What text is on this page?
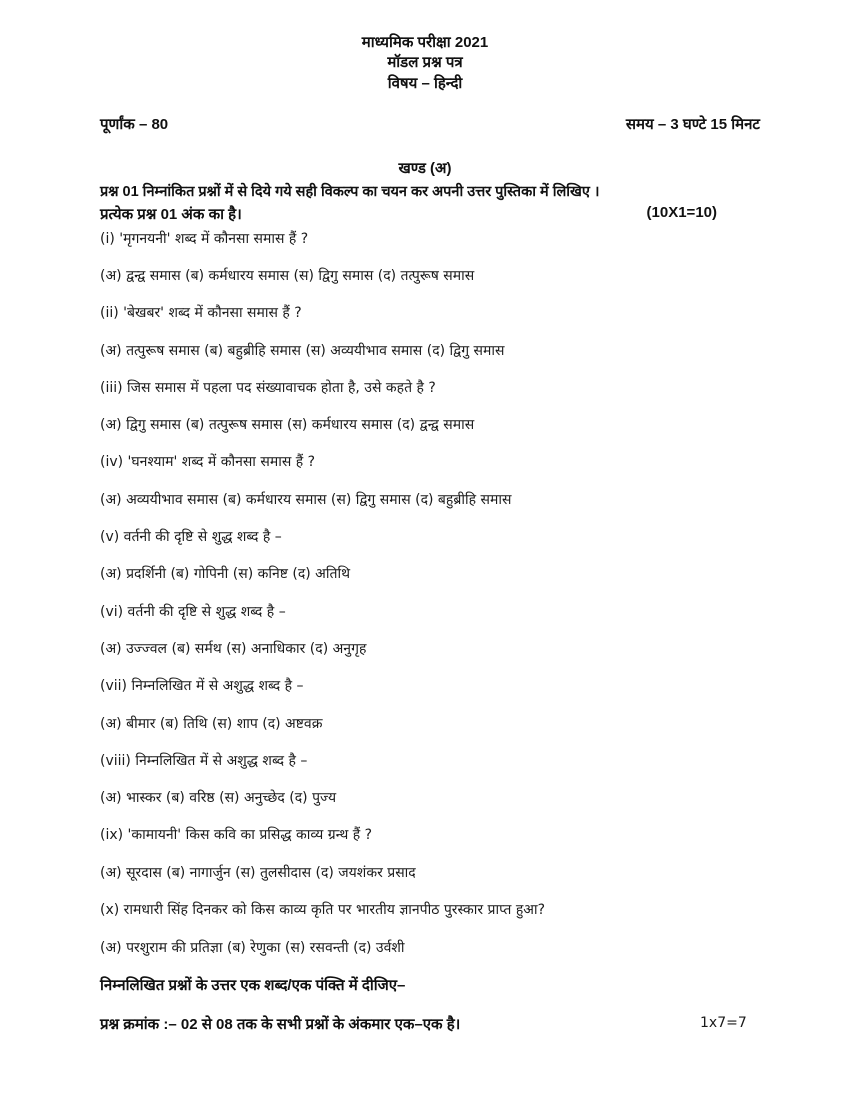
माध्यमिक परीक्षा 2021
मॉडल प्रश्न पत्र
विषय – हिन्दी
पूर्णांक – 80	समय – 3 घण्टे 15 मिनट
खण्ड (अ)
प्रश्न 01 निम्नांकित प्रश्नों में से दिये गये सही विकल्प का चयन कर अपनी उत्तर पुस्तिका में लिखिए ।
प्रत्येक प्रश्न 01 अंक का है।	(10X1=10)
(i) 'मृगनयनी' शब्द में कौनसा समास हैं ?
(अ) द्वन्द्व समास (ब) कर्मधारय समास (स) द्विगु समास (द) तत्पुरूष समास
(ii) 'बेखबर' शब्द में कौनसा समास हैं ?
(अ) तत्पुरूष समास (ब) बहुब्रीहि समास (स) अव्ययीभाव समास (द) द्विगु समास
(iii) जिस समास में पहला पद संख्यावाचक होता है, उसे कहते है ?
(अ) द्विगु समास (ब) तत्पुरूष समास (स) कर्मधारय समास (द) द्वन्द्व समास
(iv) 'घनश्याम' शब्द में कौनसा समास हैं ?
(अ) अव्ययीभाव समास (ब) कर्मधारय समास (स) द्विगु समास (द) बहुब्रीहि समास
(v) वर्तनी की दृष्टि से शुद्ध शब्द है –
(अ) प्रदर्शिनी (ब) गोपिनी (स) कनिष्ट (द) अतिथि
(vi) वर्तनी की दृष्टि से शुद्ध शब्द है –
(अ) उज्ज्वल (ब) सर्मथ (स) अनाधिकार (द) अनुगृह
(vii) निम्नलिखित में से अशुद्ध शब्द है –
(अ) बीमार (ब) तिथि (स) शाप (द) अष्टवक्र
(viii) निम्नलिखित में से अशुद्ध शब्द है –
(अ) भास्कर (ब) वरिष्ठ (स) अनुच्छेद (द) पुज्य
(ix) 'कामायनी' किस कवि का प्रसिद्ध काव्य ग्रन्थ हैं ?
(अ) सूरदास (ब) नागार्जुन (स) तुलसीदास (द) जयशंकर प्रसाद
(x) रामधारी सिंह दिनकर को किस काव्य कृति पर भारतीय ज्ञानपीठ पुरस्कार प्राप्त हुआ?
(अ) परशुराम की प्रतिज्ञा (ब) रेणुका (स) रसवन्ती (द) उर्वशी
निम्नलिखित प्रश्नों के उत्तर एक शब्द/एक पंक्ति में दीजिए–
प्रश्न क्रमांक :– 02 से 08 तक के सभी प्रश्नों के अंकमार एक–एक है।	1x7=7
